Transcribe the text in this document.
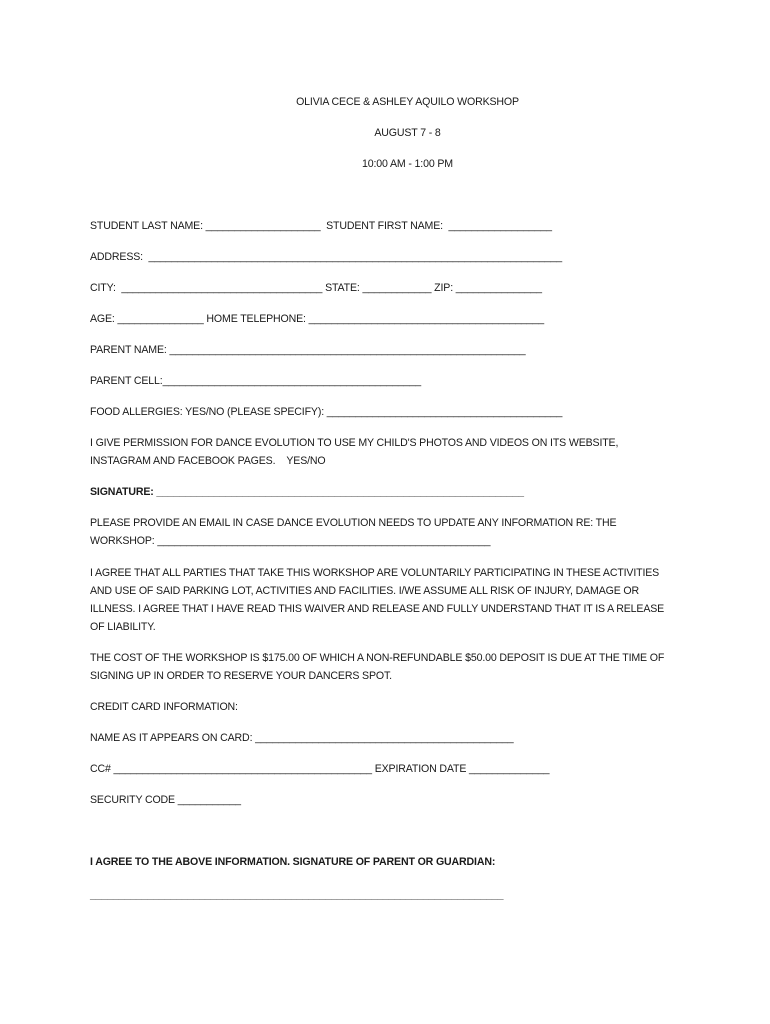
OLIVIA CECE & ASHLEY AQUILO WORKSHOP
AUGUST 7 - 8
10:00 AM - 1:00 PM
STUDENT LAST NAME: ____________________  STUDENT FIRST NAME:  __________________
ADDRESS:  ________________________________________________________________________
CITY:  ___________________________________ STATE: ____________ ZIP: _______________
AGE: _______________ HOME TELEPHONE: _________________________________________
PARENT NAME: ______________________________________________________________
PARENT CELL:_____________________________________________
FOOD ALLERGIES: YES/NO (PLEASE SPECIFY): _________________________________________
I GIVE PERMISSION FOR DANCE EVOLUTION TO USE MY CHILD'S PHOTOS AND VIDEOS ON ITS WEBSITE,
INSTAGRAM AND FACEBOOK PAGES.    YES/NO
SIGNATURE: ________________________________________________________________
PLEASE PROVIDE AN EMAIL IN CASE DANCE EVOLUTION NEEDS TO UPDATE ANY INFORMATION RE: THE
WORKSHOP: __________________________________________________________
I AGREE THAT ALL PARTIES THAT TAKE THIS WORKSHOP ARE VOLUNTARILY PARTICIPATING IN THESE ACTIVITIES
AND USE OF SAID PARKING LOT, ACTIVITIES AND FACILITIES. I/WE ASSUME ALL RISK OF INJURY, DAMAGE OR
ILLNESS. I AGREE THAT I HAVE READ THIS WAIVER AND RELEASE AND FULLY UNDERSTAND THAT IT IS A RELEASE
OF LIABILITY.
THE COST OF THE WORKSHOP IS $175.00 OF WHICH A NON-REFUNDABLE $50.00 DEPOSIT IS DUE AT THE TIME OF
SIGNING UP IN ORDER TO RESERVE YOUR DANCERS SPOT.
CREDIT CARD INFORMATION:
NAME AS IT APPEARS ON CARD: _____________________________________________
CC# _____________________________________________ EXPIRATION DATE ______________
SECURITY CODE ___________
I AGREE TO THE ABOVE INFORMATION. SIGNATURE OF PARENT OR GUARDIAN:
________________________________________________________________________
